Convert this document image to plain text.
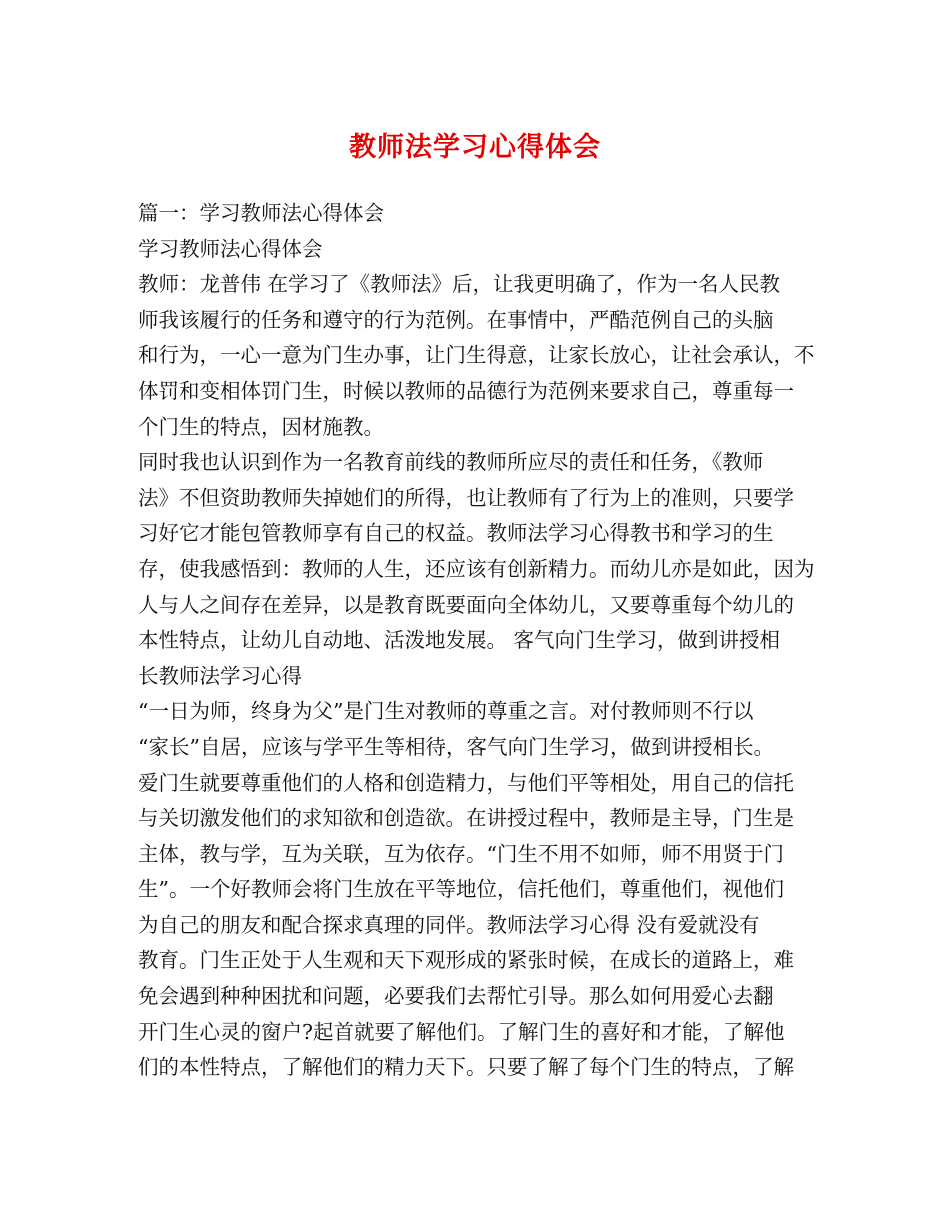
教师法学习心得体会
篇一：学习教师法心得体会
学习教师法心得体会
教师：龙普伟 在学习了《教师法》后，让我更明确了，作为一名人民教
师我该履行的任务和遵守的行为范例。在事情中，严酷范例自己的头脑
和行为，一心一意为门生办事，让门生得意，让家长放心，让社会承认，不
体罚和变相体罚门生，时候以教师的品德行为范例来要求自己，尊重每一
个门生的特点，因材施教。
同时我也认识到作为一名教育前线的教师所应尽的责任和任务，《教师
法》不但资助教师失掉她们的所得，也让教师有了行为上的准则，只要学
习好它才能包管教师享有自己的权益。教师法学习心得教书和学习的生
存，使我感悟到：教师的人生，还应该有创新精力。而幼儿亦是如此，因为
人与人之间存在差异，以是教育既要面向全体幼儿，又要尊重每个幼儿的
本性特点，让幼儿自动地、活泼地发展。 客气向门生学习，做到讲授相
长教师法学习心得
“一日为师，终身为父”是门生对教师的尊重之言。对付教师则不行以
“家长”自居，应该与学平生等相待，客气向门生学习，做到讲授相长。
爱门生就要尊重他们的人格和创造精力，与他们平等相处，用自己的信托
与关切激发他们的求知欲和创造欲。在讲授过程中，教师是主导，门生是
主体，教与学，互为关联，互为依存。“门生不用不如师，师不用贤于门
生”。一个好教师会将门生放在平等地位，信托他们，尊重他们，视他们
为自己的朋友和配合探求真理的同伴。教师法学习心得 没有爱就没有
教育。门生正处于人生观和天下观形成的紧张时候，在成长的道路上，难
免会遇到种种困扰和问题，必要我们去帮忙引导。那么如何用爱心去翻
开门生心灵的窗户?起首就要了解他们。了解门生的喜好和才能，了解他
们的本性特点，了解他们的精力天下。只要了解了每个门生的特点，了解
